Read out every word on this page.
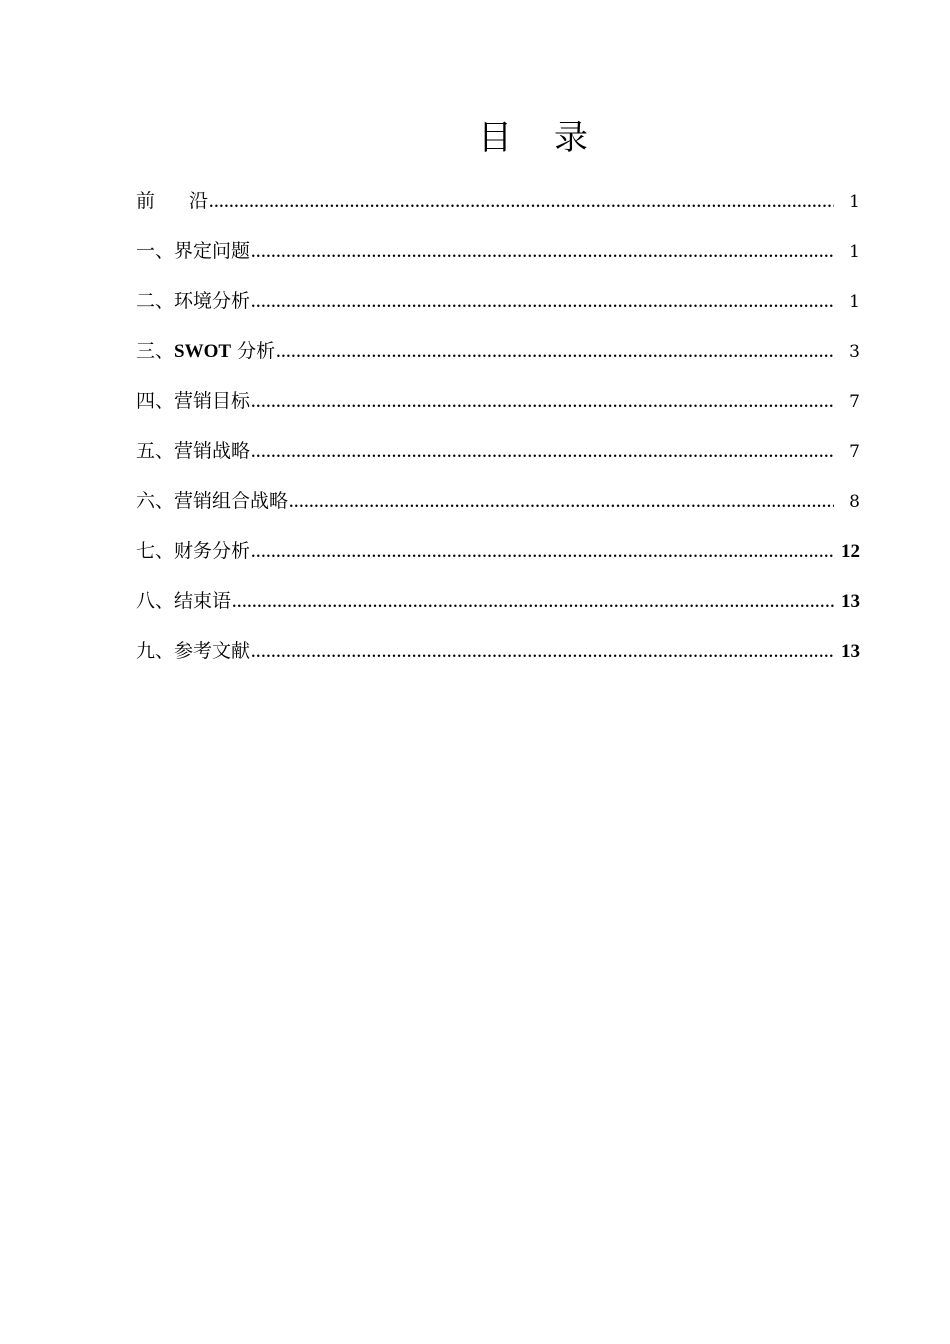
目 录
前 沿 .....	1
一、界定问题 .....	1
二、环境分析 .....	1
三、SWOT 分析 .....	3
四、营销目标 .....	7
五、营销战略 .....	7
六、营销组合战略 .....	8
七、财务分析 .....	12
八、结束语 .....	13
九、参考文献 .....	13
